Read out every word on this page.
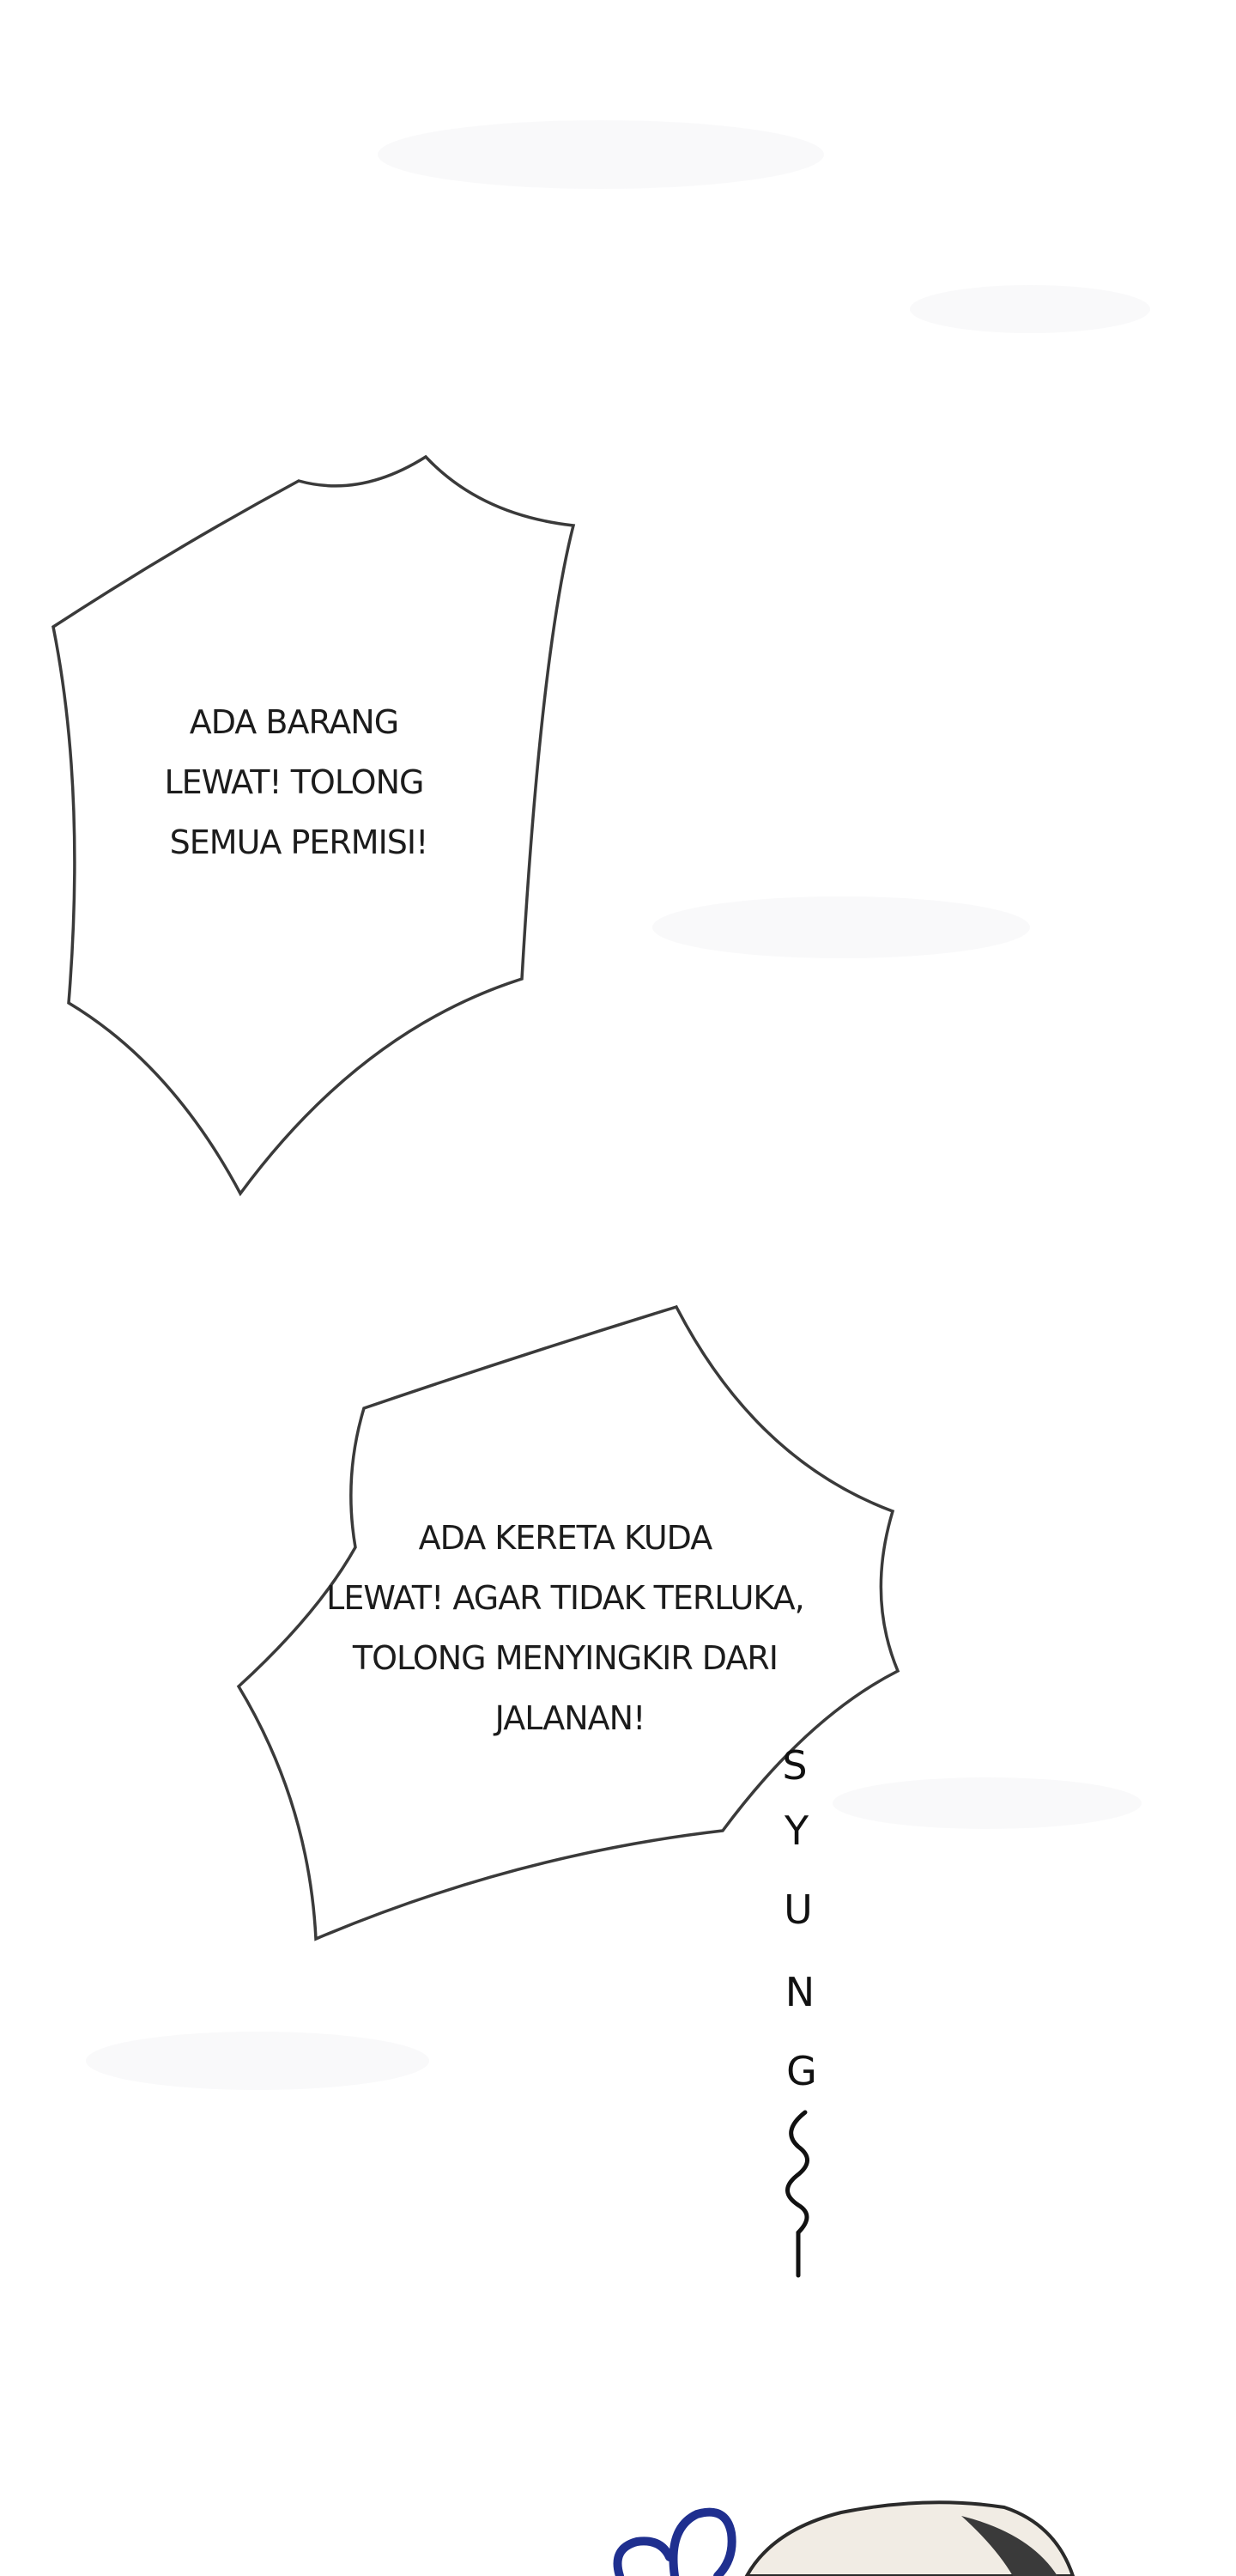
ADA BARANG LEWAT! TOLONG SEMUA PERMISI!
ADA KERETA KUDA LEWAT! AGAR TIDAK TERLUKA, TOLONG MENYINGKIR DARI JALANAN!
S
Y
U
N
G
